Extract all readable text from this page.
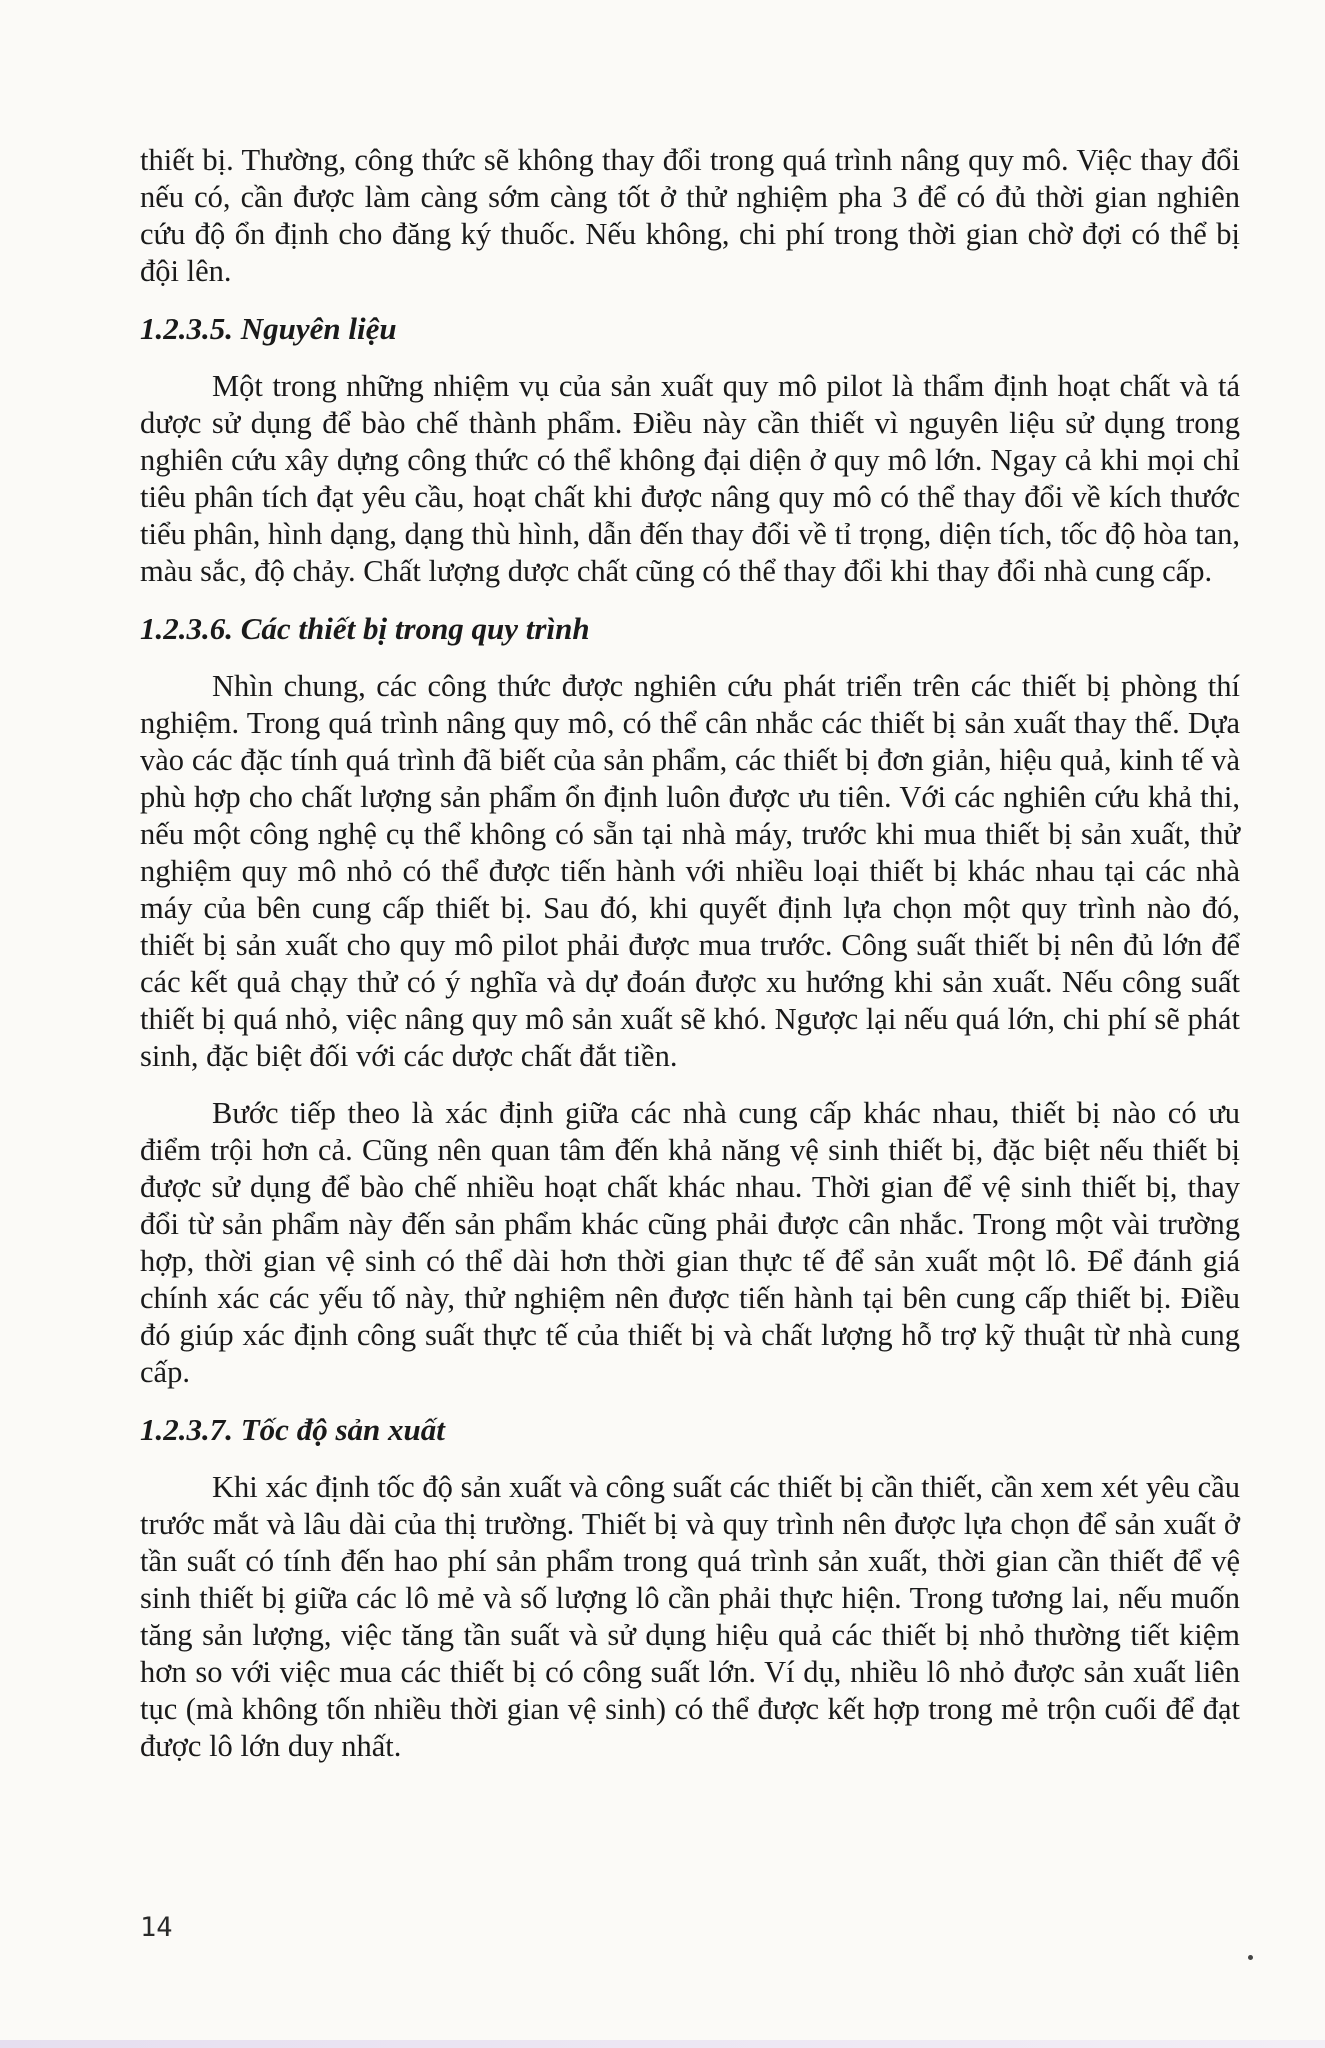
thiết bị. Thường, công thức sẽ không thay đổi trong quá trình nâng quy mô. Việc thay đổi nếu có, cần được làm càng sớm càng tốt ở thử nghiệm pha 3 để có đủ thời gian nghiên cứu độ ổn định cho đăng ký thuốc. Nếu không, chi phí trong thời gian chờ đợi có thể bị đội lên.

1.2.3.5. Nguyên liệu

Một trong những nhiệm vụ của sản xuất quy mô pilot là thẩm định hoạt chất và tá dược sử dụng để bào chế thành phẩm. Điều này cần thiết vì nguyên liệu sử dụng trong nghiên cứu xây dựng công thức có thể không đại diện ở quy mô lớn. Ngay cả khi mọi chỉ tiêu phân tích đạt yêu cầu, hoạt chất khi được nâng quy mô có thể thay đổi về kích thước tiểu phân, hình dạng, dạng thù hình, dẫn đến thay đổi về tỉ trọng, diện tích, tốc độ hòa tan, màu sắc, độ chảy. Chất lượng dược chất cũng có thể thay đổi khi thay đổi nhà cung cấp.

1.2.3.6. Các thiết bị trong quy trình

Nhìn chung, các công thức được nghiên cứu phát triển trên các thiết bị phòng thí nghiệm. Trong quá trình nâng quy mô, có thể cân nhắc các thiết bị sản xuất thay thế. Dựa vào các đặc tính quá trình đã biết của sản phẩm, các thiết bị đơn giản, hiệu quả, kinh tế và phù hợp cho chất lượng sản phẩm ổn định luôn được ưu tiên. Với các nghiên cứu khả thi, nếu một công nghệ cụ thể không có sẵn tại nhà máy, trước khi mua thiết bị sản xuất, thử nghiệm quy mô nhỏ có thể được tiến hành với nhiều loại thiết bị khác nhau tại các nhà máy của bên cung cấp thiết bị. Sau đó, khi quyết định lựa chọn một quy trình nào đó, thiết bị sản xuất cho quy mô pilot phải được mua trước. Công suất thiết bị nên đủ lớn để các kết quả chạy thử có ý nghĩa và dự đoán được xu hướng khi sản xuất. Nếu công suất thiết bị quá nhỏ, việc nâng quy mô sản xuất sẽ khó. Ngược lại nếu quá lớn, chi phí sẽ phát sinh, đặc biệt đối với các dược chất đắt tiền.

Bước tiếp theo là xác định giữa các nhà cung cấp khác nhau, thiết bị nào có ưu điểm trội hơn cả. Cũng nên quan tâm đến khả năng vệ sinh thiết bị, đặc biệt nếu thiết bị được sử dụng để bào chế nhiều hoạt chất khác nhau. Thời gian để vệ sinh thiết bị, thay đổi từ sản phẩm này đến sản phẩm khác cũng phải được cân nhắc. Trong một vài trường hợp, thời gian vệ sinh có thể dài hơn thời gian thực tế để sản xuất một lô. Để đánh giá chính xác các yếu tố này, thử nghiệm nên được tiến hành tại bên cung cấp thiết bị. Điều đó giúp xác định công suất thực tế của thiết bị và chất lượng hỗ trợ kỹ thuật từ nhà cung cấp.

1.2.3.7. Tốc độ sản xuất

Khi xác định tốc độ sản xuất và công suất các thiết bị cần thiết, cần xem xét yêu cầu trước mắt và lâu dài của thị trường. Thiết bị và quy trình nên được lựa chọn để sản xuất ở tần suất có tính đến hao phí sản phẩm trong quá trình sản xuất, thời gian cần thiết để vệ sinh thiết bị giữa các lô mẻ và số lượng lô cần phải thực hiện. Trong tương lai, nếu muốn tăng sản lượng, việc tăng tần suất và sử dụng hiệu quả các thiết bị nhỏ thường tiết kiệm hơn so với việc mua các thiết bị có công suất lớn. Ví dụ, nhiều lô nhỏ được sản xuất liên tục (mà không tốn nhiều thời gian vệ sinh) có thể được kết hợp trong mẻ trộn cuối để đạt được lô lớn duy nhất.

14
